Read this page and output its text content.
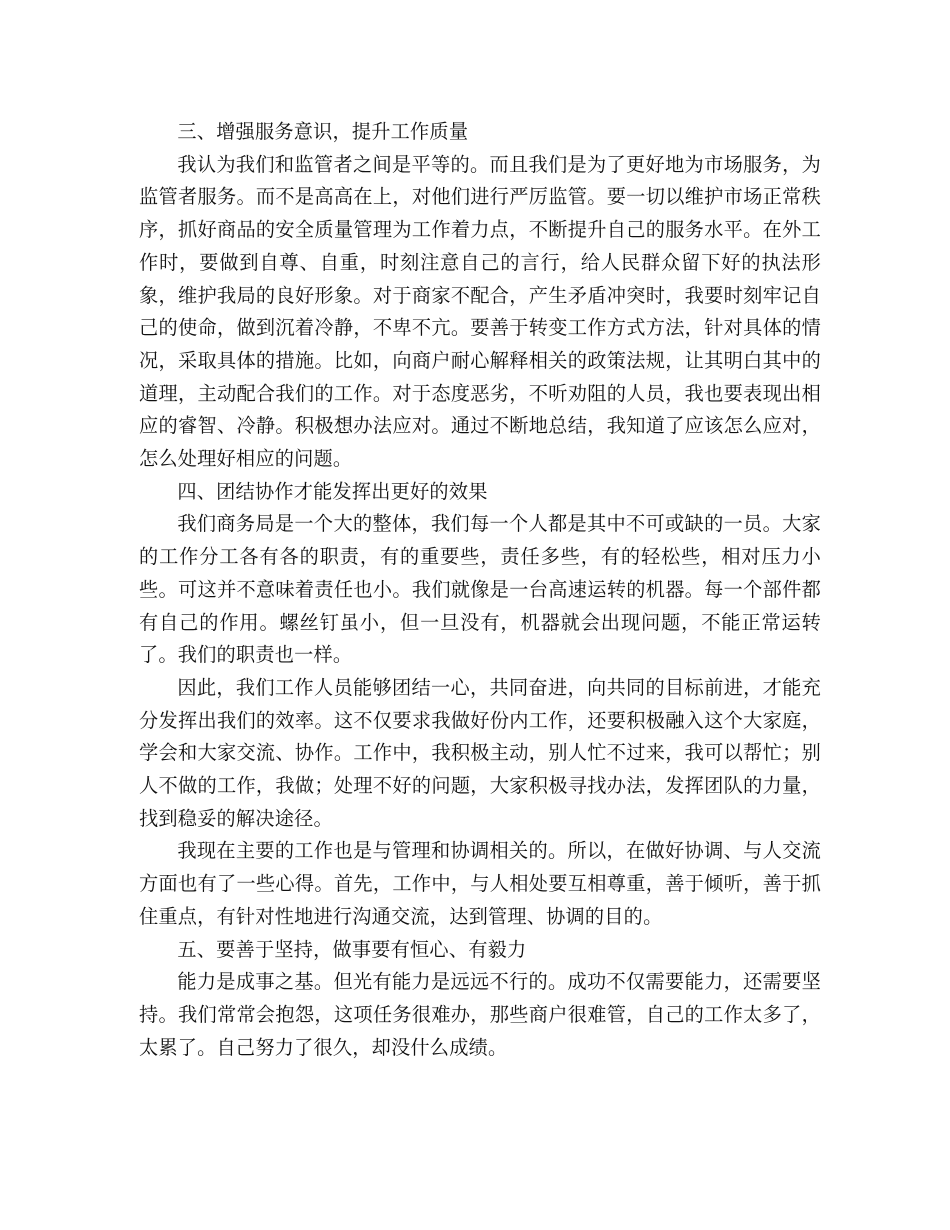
三、增强服务意识，提升工作质量

我认为我们和监管者之间是平等的。而且我们是为了更好地为市场服务，为监管者服务。而不是高高在上，对他们进行严厉监管。要一切以维护市场正常秩序，抓好商品的安全质量管理为工作着力点，不断提升自己的服务水平。在外工作时，要做到自尊、自重，时刻注意自己的言行，给人民群众留下好的执法形象，维护我局的良好形象。对于商家不配合，产生矛盾冲突时，我要时刻牢记自己的使命，做到沉着冷静，不卑不亢。要善于转变工作方式方法，针对具体的情况，采取具体的措施。比如，向商户耐心解释相关的政策法规，让其明白其中的道理，主动配合我们的工作。对于态度恶劣，不听劝阻的人员，我也要表现出相应的睿智、冷静。积极想办法应对。通过不断地总结，我知道了应该怎么应对，怎么处理好相应的问题。

四、团结协作才能发挥出更好的效果

我们商务局是一个大的整体，我们每一个人都是其中不可或缺的一员。大家的工作分工各有各的职责，有的重要些，责任多些，有的轻松些，相对压力小些。可这并不意味着责任也小。我们就像是一台高速运转的机器。每一个部件都有自己的作用。螺丝钉虽小，但一旦没有，机器就会出现问题，不能正常运转了。我们的职责也一样。

因此，我们工作人员能够团结一心，共同奋进，向共同的目标前进，才能充分发挥出我们的效率。这不仅要求我做好份内工作，还要积极融入这个大家庭，学会和大家交流、协作。工作中，我积极主动，别人忙不过来，我可以帮忙；别人不做的工作，我做；处理不好的问题，大家积极寻找办法，发挥团队的力量，找到稳妥的解决途径。

我现在主要的工作也是与管理和协调相关的。所以，在做好协调、与人交流方面也有了一些心得。首先，工作中，与人相处要互相尊重，善于倾听，善于抓住重点，有针对性地进行沟通交流，达到管理、协调的目的。

五、要善于坚持，做事要有恒心、有毅力

能力是成事之基。但光有能力是远远不行的。成功不仅需要能力，还需要坚持。我们常常会抱怨，这项任务很难办，那些商户很难管，自己的工作太多了，太累了。自己努力了很久，却没什么成绩。
